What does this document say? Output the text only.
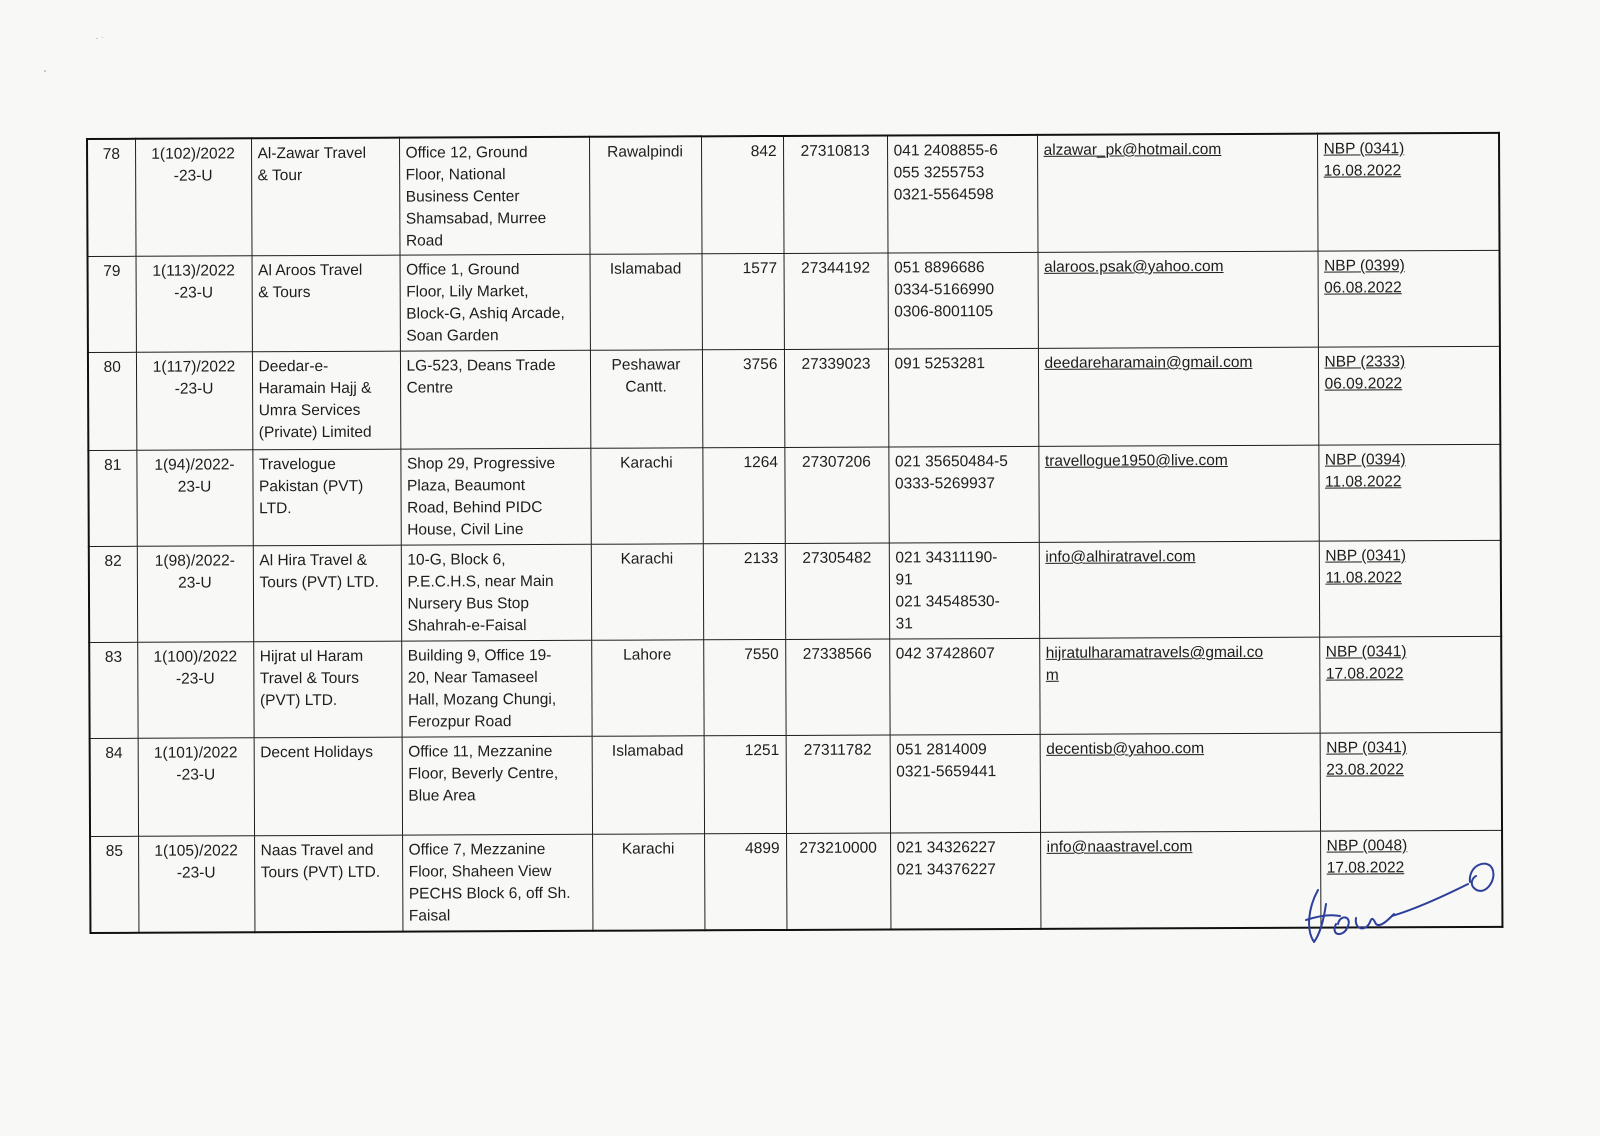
78	1(102)/2022
-23-U	Al-Zawar Travel
& Tour	Office 12, Ground
Floor, National
Business Center
Shamsabad, Murree
Road	Rawalpindi	842	27310813	041 2408855-6
055 3255753
0321-5564598	alzawar_pk@hotmail.com	NBP (0341)
16.08.2022

79	1(113)/2022
-23-U	Al Aroos Travel
& Tours	Office 1, Ground
Floor, Lily Market,
Block-G, Ashiq Arcade,
Soan Garden	Islamabad	1577	27344192	051 8896686
0334-5166990
0306-8001105	alaroos.psak@yahoo.com	NBP (0399)
06.08.2022

80	1(117)/2022
-23-U	Deedar-e-
Haramain Hajj &
Umra Services
(Private) Limited	LG-523, Deans Trade
Centre	Peshawar
Cantt.	3756	27339023	091 5253281	deedareharamain@gmail.com	NBP (2333)
06.09.2022

81	1(94)/2022-
23-U	Travelogue
Pakistan (PVT)
LTD.	Shop 29, Progressive
Plaza, Beaumont
Road, Behind PIDC
House, Civil Line	Karachi	1264	27307206	021 35650484-5
0333-5269937	travellogue1950@live.com	NBP (0394)
11.08.2022

82	1(98)/2022-
23-U	Al Hira Travel &
Tours (PVT) LTD.	10-G, Block 6,
P.E.C.H.S, near Main
Nursery Bus Stop
Shahrah-e-Faisal	Karachi	2133	27305482	021 34311190-
91
021 34548530-
31	info@alhiratravel.com	NBP (0341)
11.08.2022

83	1(100)/2022
-23-U	Hijrat ul Haram
Travel & Tours
(PVT) LTD.	Building 9, Office 19-
20, Near Tamaseel
Hall, Mozang Chungi,
Ferozpur Road	Lahore	7550	27338566	042 37428607	hijratulharamatravels@gmail.co
m	NBP (0341)
17.08.2022

84	1(101)/2022
-23-U	Decent Holidays	Office 11, Mezzanine
Floor, Beverly Centre,
Blue Area	Islamabad	1251	27311782	051 2814009
0321-5659441	decentisb@yahoo.com	NBP (0341)
23.08.2022

85	1(105)/2022
-23-U	Naas Travel and
Tours (PVT) LTD.	Office 7, Mezzanine
Floor, Shaheen View
PECHS Block 6, off Sh.
Faisal	Karachi	4899	273210000	021 34326227
021 34376227	info@naastravel.com	NBP (0048)
17.08.2022
